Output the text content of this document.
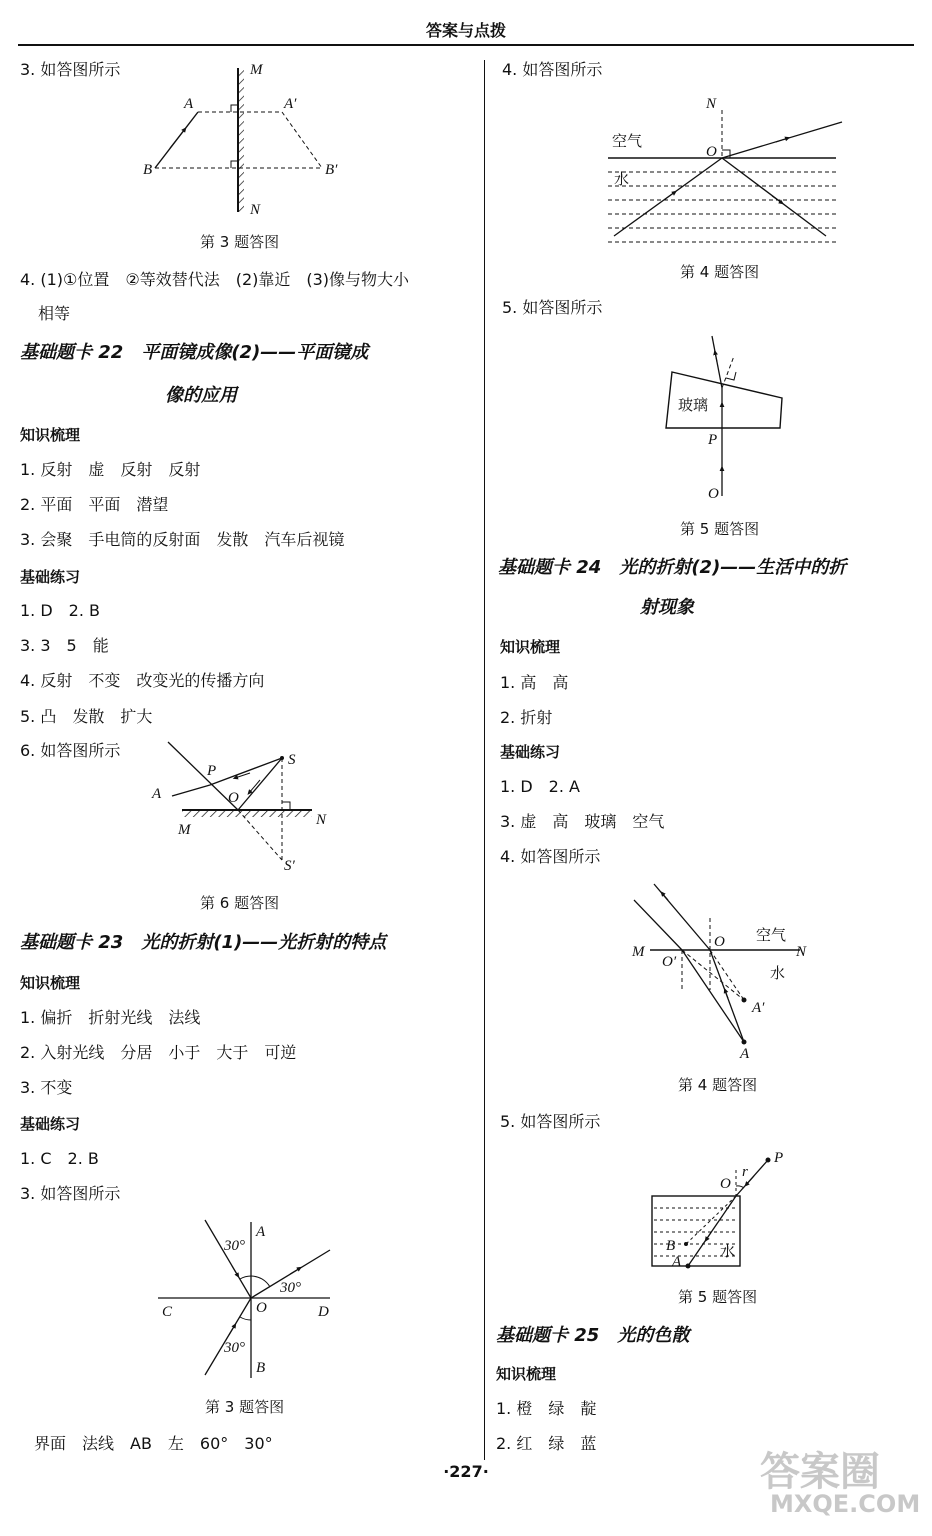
答案与点拨
3. 如答图所示
第 3 题答图
4. (1)①位置　②等效替代法　(2)靠近　(3)像与物大小
相等
基础题卡 22　平面镜成像(2)——平面镜成
像的应用
知识梳理
1. 反射　虚　反射　反射
2. 平面　平面　潜望
3. 会聚　手电筒的反射面　发散　汽车后视镜
基础练习
1. D　2. B
3. 3　5　能
4. 反射　不变　改变光的传播方向
5. 凸　发散　扩大
6. 如答图所示
第 6 题答图
基础题卡 23　光的折射(1)——光折射的特点
知识梳理
1. 偏折　折射光线　法线
2. 入射光线　分居　小于　大于　可逆
3. 不变
基础练习
1. C　2. B
3. 如答图所示
第 3 题答图
界面　法线　AB　左　60°　30°
4. 如答图所示
第 4 题答图
5. 如答图所示
第 5 题答图
基础题卡 24　光的折射(2)——生活中的折
射现象
知识梳理
1. 高　高
2. 折射
基础练习
1. D　2. A
3. 虚　高　玻璃　空气
4. 如答图所示
第 4 题答图
5. 如答图所示
第 5 题答图
基础题卡 25　光的色散
知识梳理
1. 橙　绿　靛
2. 红　绿　蓝
·227·	答案圈
MXQE.COM
M
N
A	A′
B	B′
P
S
A	O
M
N
S′
A
B
C	D
O
30°
30°
30°
N
O
空气
水
玻璃
P
O
M	N
O
O′
空气
水
A
A′
P
O
r
B
A
水
